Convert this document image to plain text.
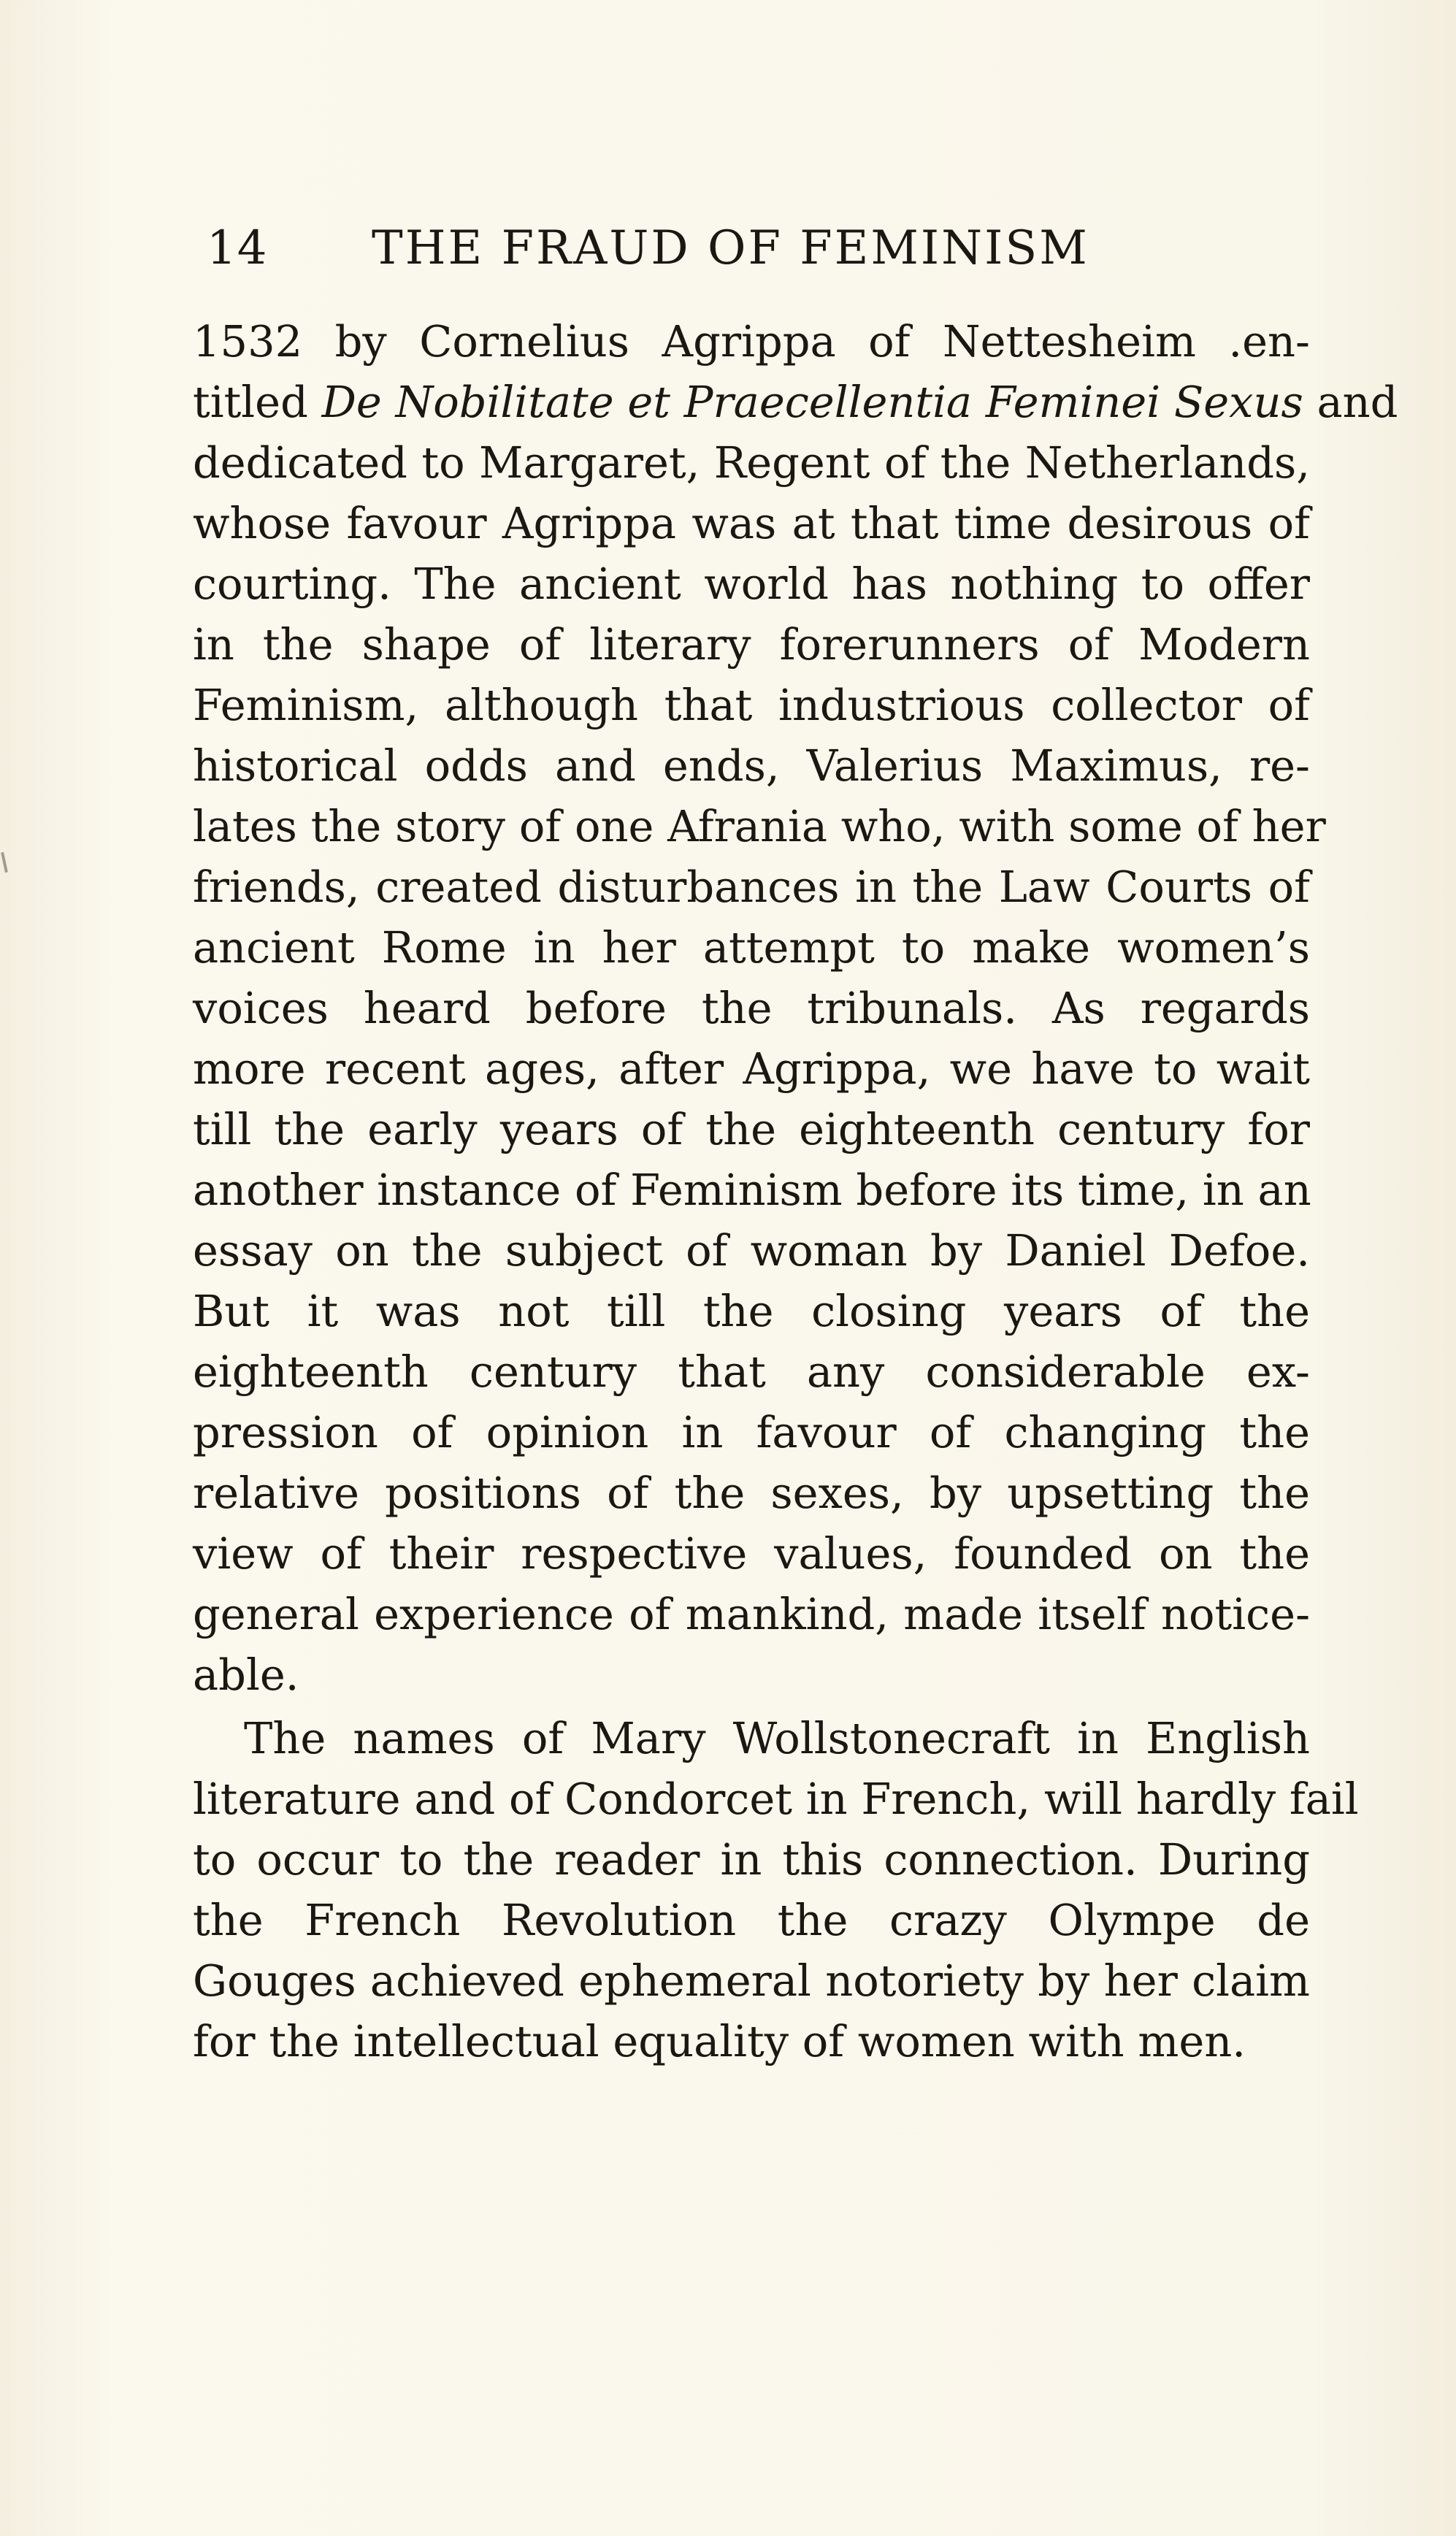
14 THE FRAUD OF FEMINISM
1532 by Cornelius Agrippa of Nettesheim .en-
titled De Nobilitate et Praecellentia Feminei Sexus and
dedicated to Margaret, Regent of the Netherlands,
whose favour Agrippa was at that time desirous of
courting. The ancient world has nothing to offer
in the shape of literary forerunners of Modern
Feminism, although that industrious collector of
historical odds and ends, Valerius Maximus, re-
lates the story of one Afrania who, with some of her
friends, created disturbances in the Law Courts of
ancient Rome in her attempt to make women’s
voices heard before the tribunals. As regards
more recent ages, after Agrippa, we have to wait
till the early years of the eighteenth century for
another instance of Feminism before its time, in an
essay on the subject of woman by Daniel Defoe.
But it was not till the closing years of the
eighteenth century that any considerable ex-
pression of opinion in favour of changing the
relative positions of the sexes, by upsetting the
view of their respective values, founded on the
general experience of mankind, made itself notice-
able.
The names of Mary Wollstonecraft in English
literature and of Condorcet in French, will hardly fail
to occur to the reader in this connection. During
the French Revolution the crazy Olympe de
Gouges achieved ephemeral notoriety by her claim
for the intellectual equality of women with men.
